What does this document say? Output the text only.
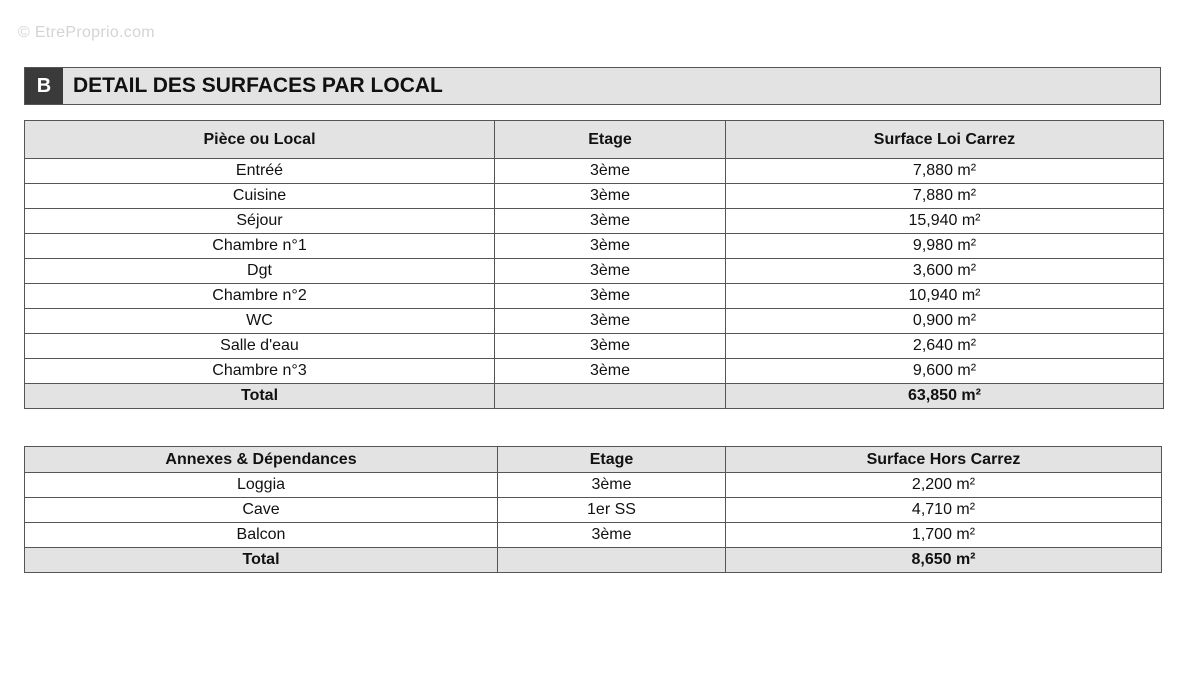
© EtreProprio.com
B	DETAIL DES SURFACES PAR LOCAL
Pièce ou Local	Etage	Surface Loi Carrez
Entréé	3ème	7,880 m²
Cuisine	3ème	7,880 m²
Séjour	3ème	15,940 m²
Chambre n°1	3ème	9,980 m²
Dgt	3ème	3,600 m²
Chambre n°2	3ème	10,940 m²
WC	3ème	0,900 m²
Salle d'eau	3ème	2,640 m²
Chambre n°3	3ème	9,600 m²
Total		63,850 m²
Annexes & Dépendances	Etage	Surface Hors Carrez
Loggia	3ème	2,200 m²
Cave	1er SS	4,710 m²
Balcon	3ème	1,700 m²
Total		8,650 m²
